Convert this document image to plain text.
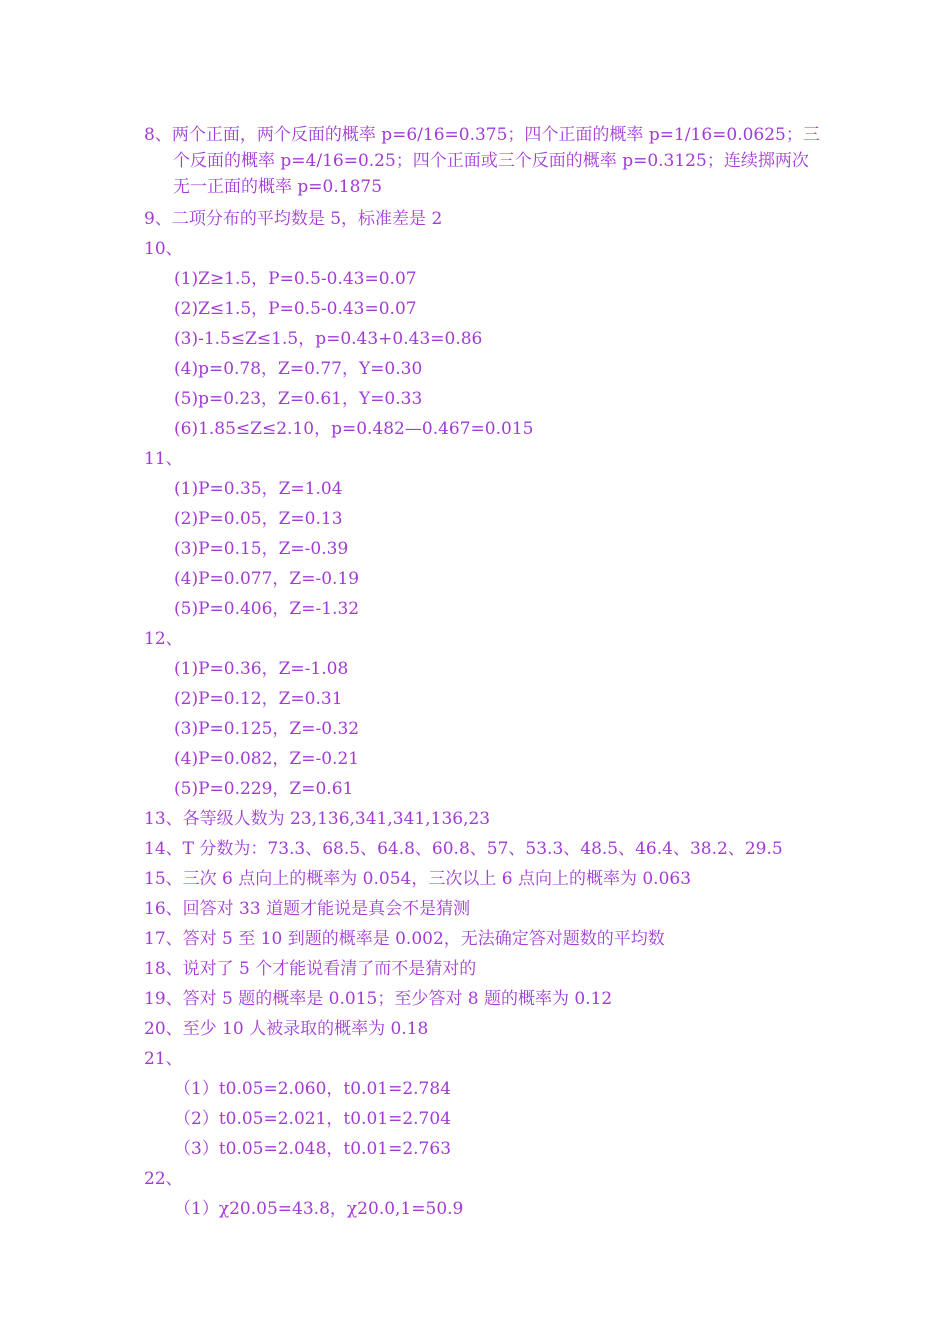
8、两个正面，两个反面的概率 p=6/16=0.375；四个正面的概率 p=1/16=0.0625；三个反面的概率 p=4/16=0.25；四个正面或三个反面的概率 p=0.3125；连续掷两次无一正面的概率 p=0.1875
9、二项分布的平均数是 5，标准差是 2
10、
(1)Z≥1.5，P=0.5-0.43=0.07
(2)Z≤1.5，P=0.5-0.43=0.07
(3)-1.5≤Z≤1.5，p=0.43+0.43=0.86
(4)p=0.78，Z=0.77，Y=0.30
(5)p=0.23，Z=0.61，Y=0.33
(6)1.85≤Z≤2.10，p=0.482—0.467=0.015
11、
(1)P=0.35，Z=1.04
(2)P=0.05，Z=0.13
(3)P=0.15，Z=-0.39
(4)P=0.077，Z=-0.19
(5)P=0.406，Z=-1.32
12、
(1)P=0.36，Z=-1.08
(2)P=0.12，Z=0.31
(3)P=0.125，Z=-0.32
(4)P=0.082，Z=-0.21
(5)P=0.229，Z=0.61
13、各等级人数为 23,136,341,341,136,23
14、T 分数为：73.3、68.5、64.8、60.8、57、53.3、48.5、46.4、38.2、29.5
15、三次 6 点向上的概率为 0.054，三次以上 6 点向上的概率为 0.063
16、回答对 33 道题才能说是真会不是猜测
17、答对 5 至 10 到题的概率是 0.002，无法确定答对题数的平均数
18、说对了 5 个才能说看清了而不是猜对的
19、答对 5 题的概率是 0.015；至少答对 8 题的概率为 0.12
20、至少 10 人被录取的概率为 0.18
21、
（1）t0.05=2.060，t0.01=2.784
（2）t0.05=2.021，t0.01=2.704
（3）t0.05=2.048，t0.01=2.763
22、
（1）χ20.05=43.8，χ20.0,1=50.9
